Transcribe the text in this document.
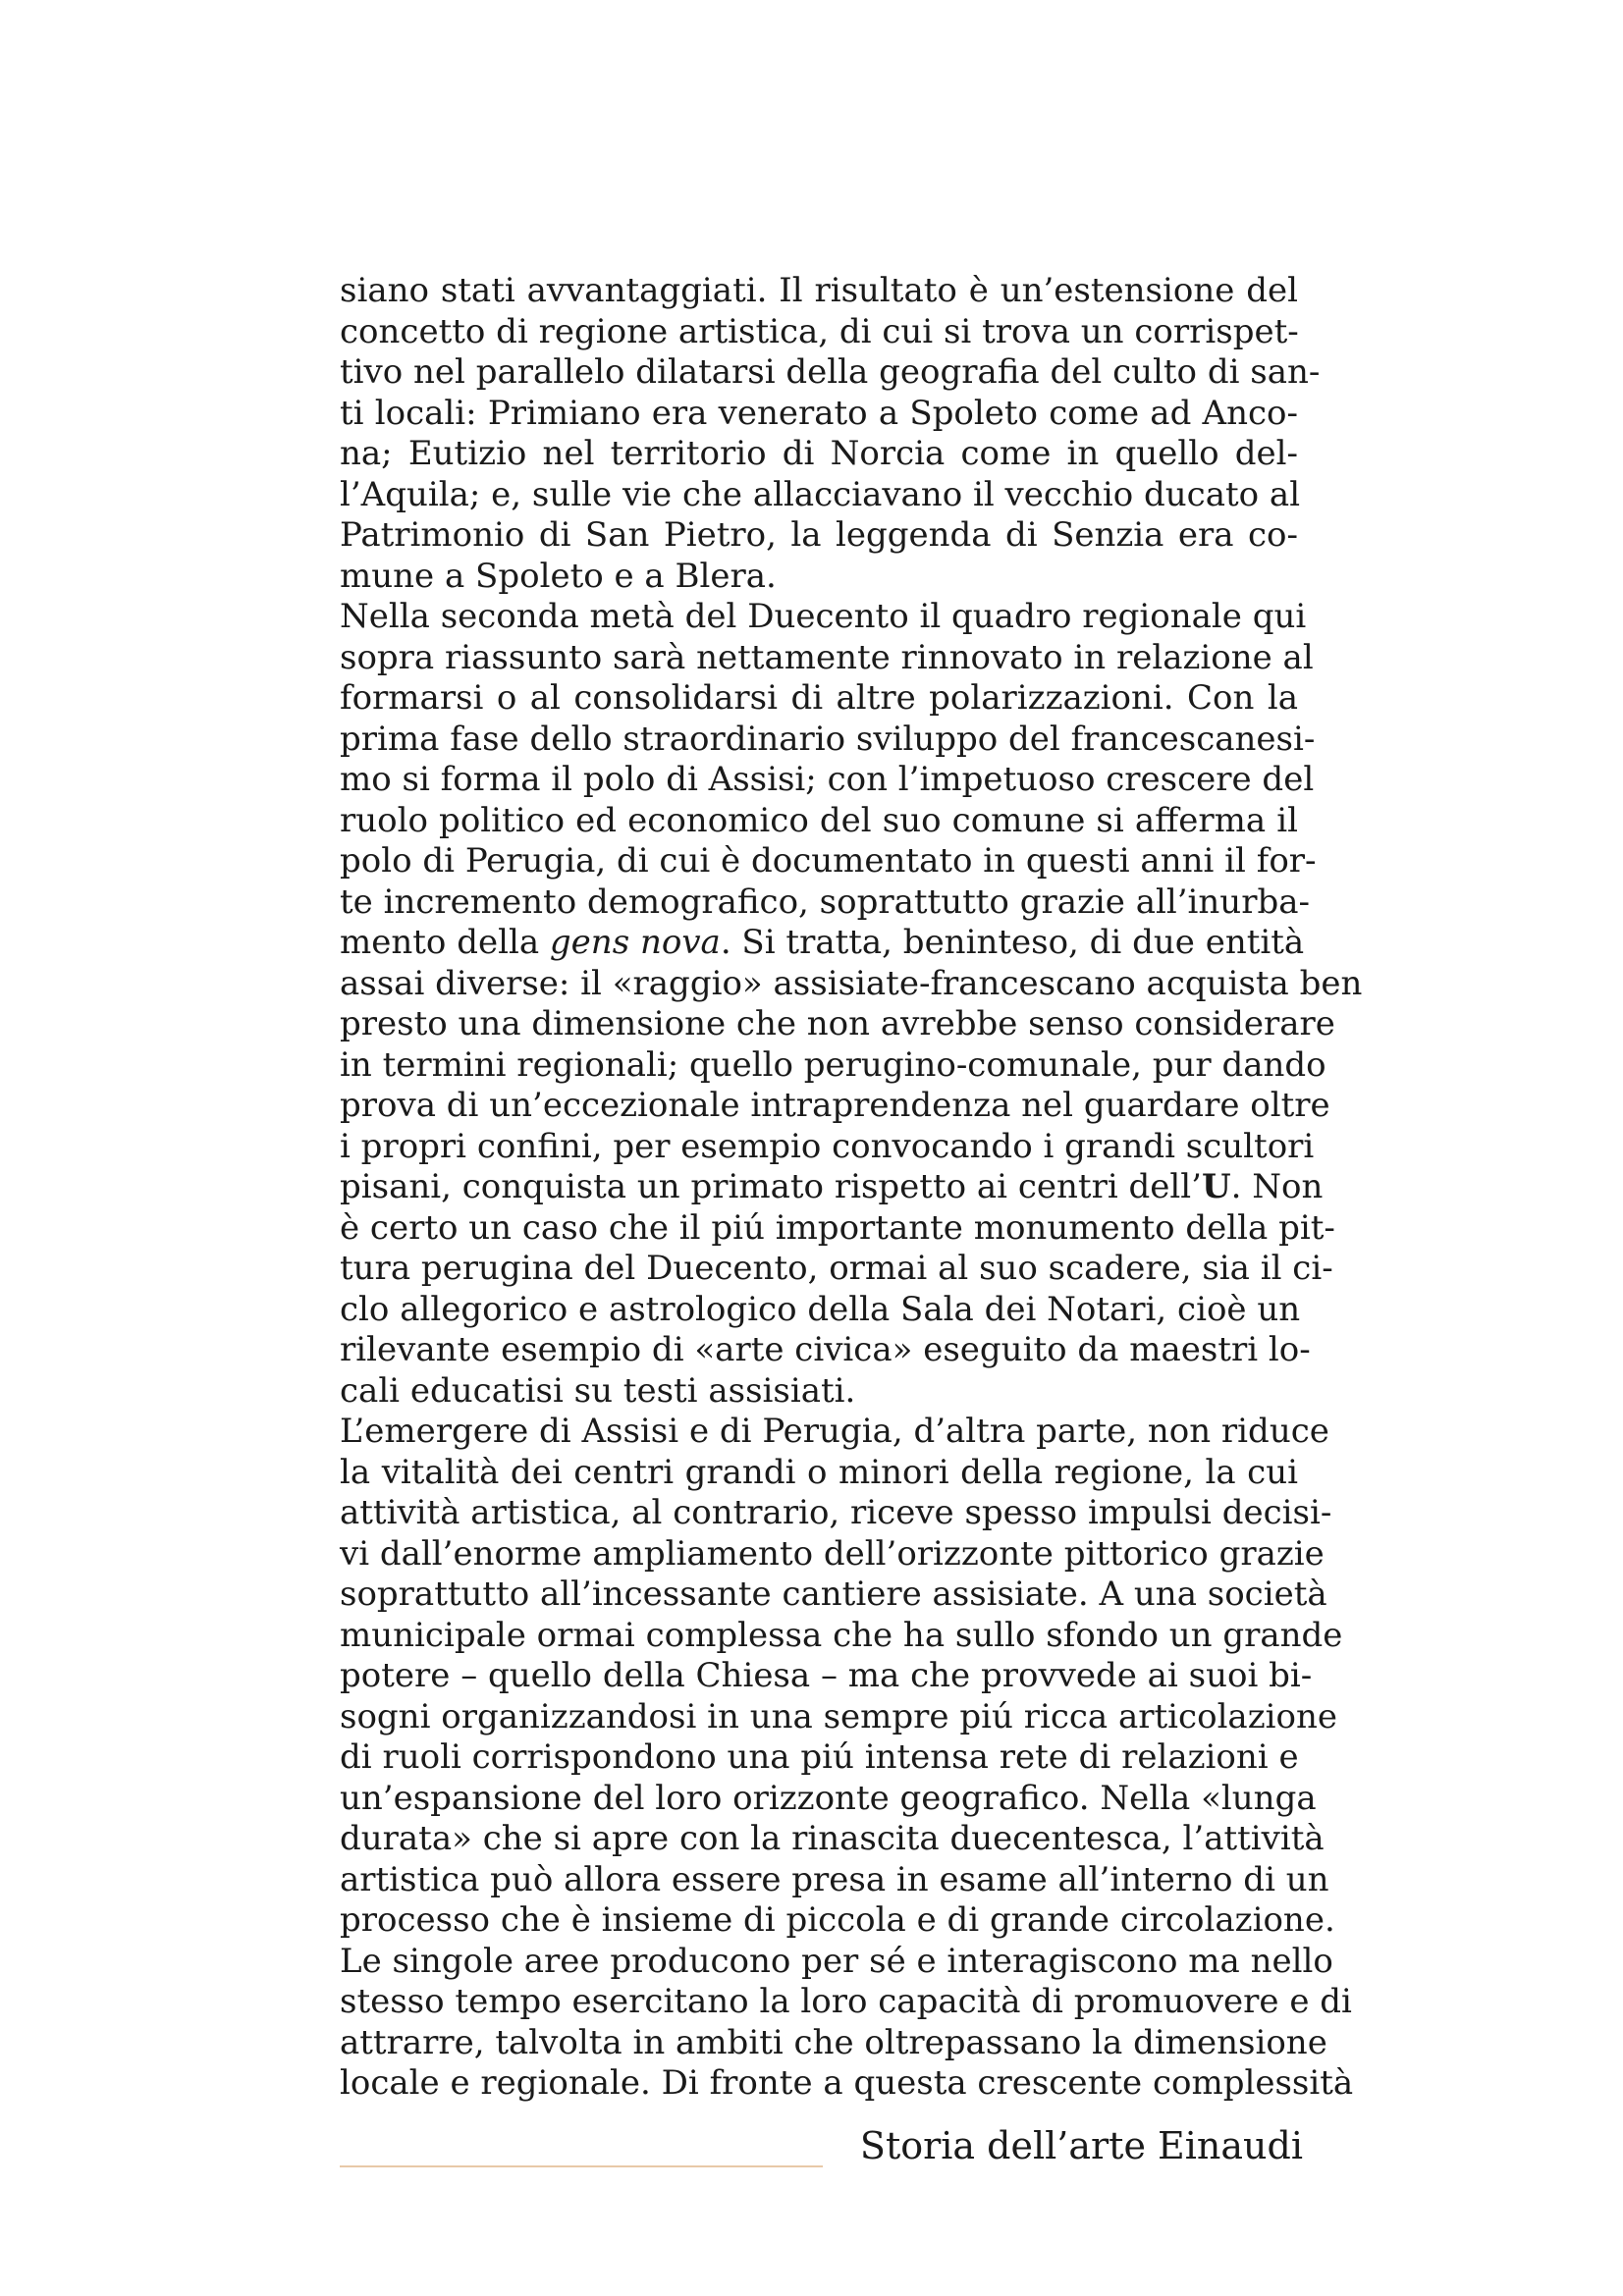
siano stati avvantaggiati. Il risultato è un’estensione del
concetto di regione artistica, di cui si trova un corrispet-
tivo nel parallelo dilatarsi della geografia del culto di san-
ti locali: Primiano era venerato a Spoleto come ad Anco-
na; Eutizio nel territorio di Norcia come in quello del-
l’Aquila; e, sulle vie che allacciavano il vecchio ducato al
Patrimonio di San Pietro, la leggenda di Senzia era co-
mune a Spoleto e a Blera.
Nella seconda metà del Duecento il quadro regionale qui
sopra riassunto sarà nettamente rinnovato in relazione al
formarsi o al consolidarsi di altre polarizzazioni. Con la
prima fase dello straordinario sviluppo del francescanesi-
mo si forma il polo di Assisi; con l’impetuoso crescere del
ruolo politico ed economico del suo comune si afferma il
polo di Perugia, di cui è documentato in questi anni il for-
te incremento demografico, soprattutto grazie all’inurba-
mento della gens nova. Si tratta, beninteso, di due entità
assai diverse: il «raggio» assisiate-francescano acquista ben
presto una dimensione che non avrebbe senso considerare
in termini regionali; quello perugino-comunale, pur dando
prova di un’eccezionale intraprendenza nel guardare oltre
i propri confini, per esempio convocando i grandi scultori
pisani, conquista un primato rispetto ai centri dell’U. Non
è certo un caso che il piú importante monumento della pit-
tura perugina del Duecento, ormai al suo scadere, sia il ci-
clo allegorico e astrologico della Sala dei Notari, cioè un
rilevante esempio di «arte civica» eseguito da maestri lo-
cali educatisi su testi assisiati.
L’emergere di Assisi e di Perugia, d’altra parte, non riduce
la vitalità dei centri grandi o minori della regione, la cui
attività artistica, al contrario, riceve spesso impulsi decisi-
vi dall’enorme ampliamento dell’orizzonte pittorico grazie
soprattutto all’incessante cantiere assisiate. A una società
municipale ormai complessa che ha sullo sfondo un grande
potere – quello della Chiesa – ma che provvede ai suoi bi-
sogni organizzandosi in una sempre piú ricca articolazione
di ruoli corrispondono una piú intensa rete di relazioni e
un’espansione del loro orizzonte geografico. Nella «lunga
durata» che si apre con la rinascita duecentesca, l’attività
artistica può allora essere presa in esame all’interno di un
processo che è insieme di piccola e di grande circolazione.
Le singole aree producono per sé e interagiscono ma nello
stesso tempo esercitano la loro capacità di promuovere e di
attrarre, talvolta in ambiti che oltrepassano la dimensione
locale e regionale. Di fronte a questa crescente complessità
Storia dell’arte Einaudi
